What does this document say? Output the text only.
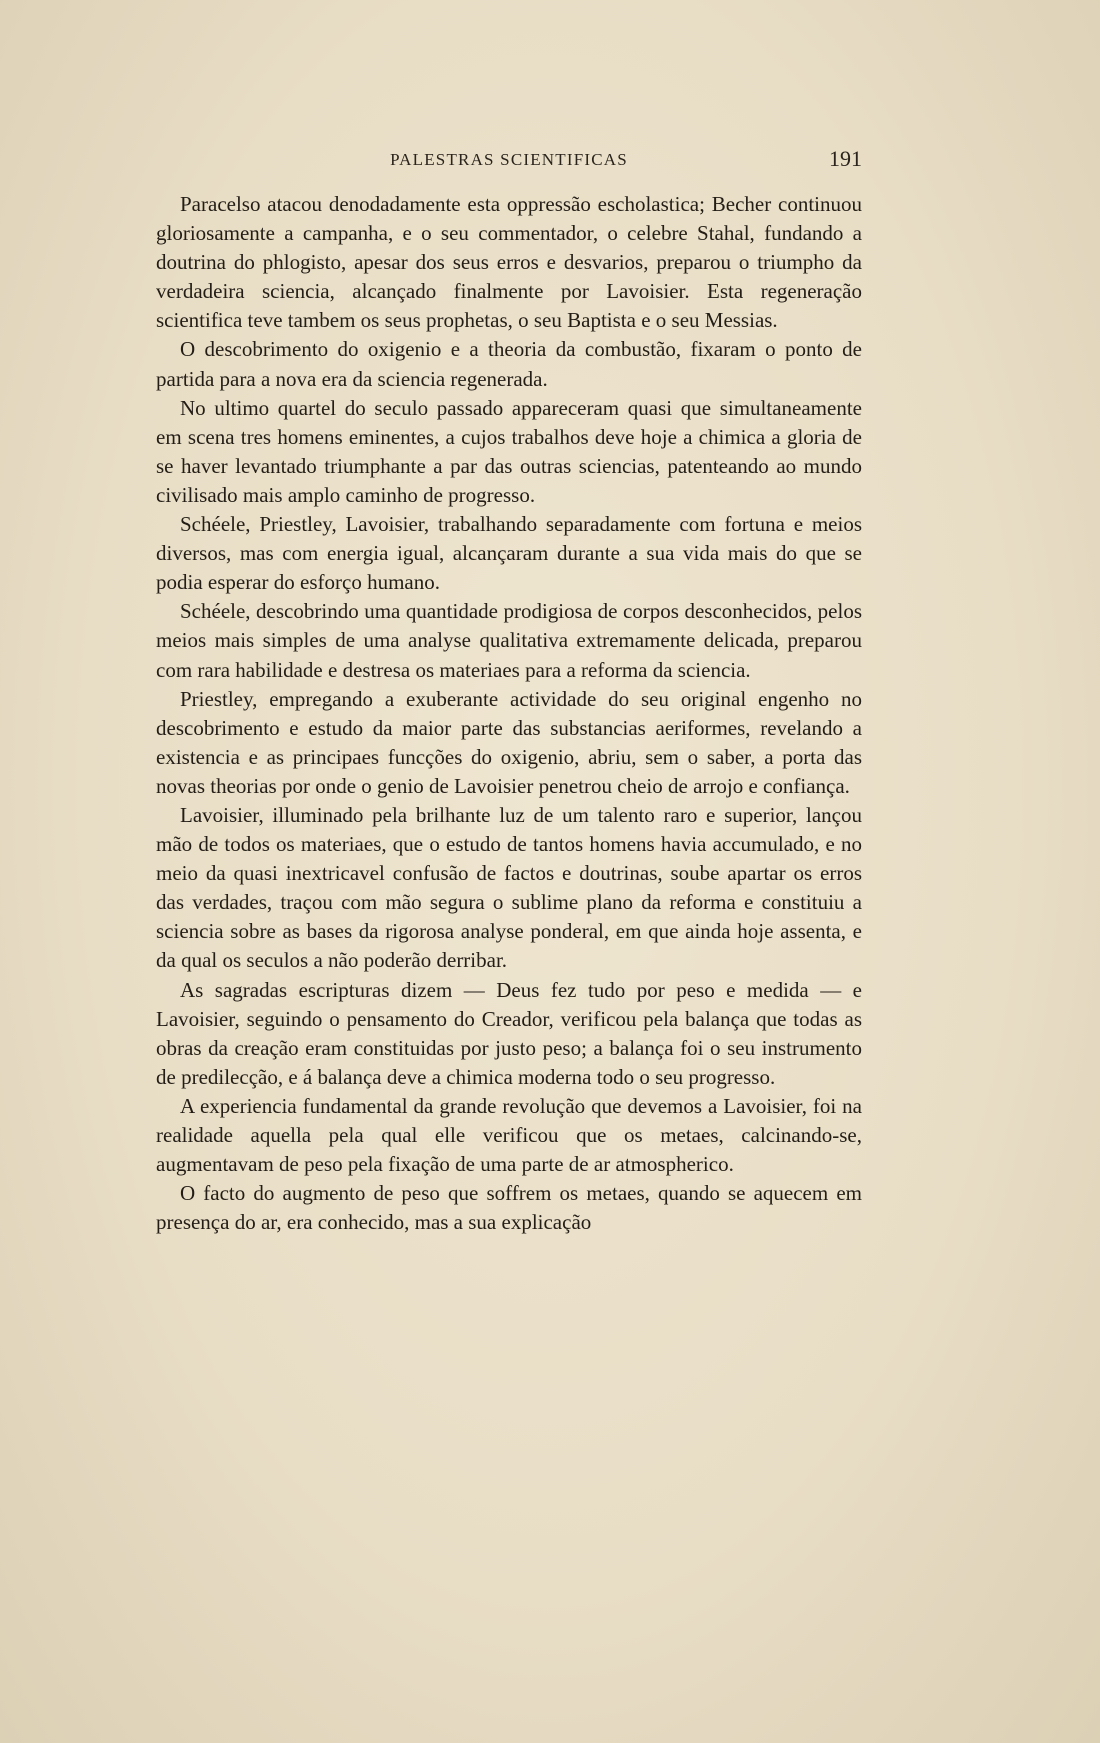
PALESTRAS SCIENTIFICAS	191

Paracelso atacou denodadamente esta oppressão escholastica; Becher continuou gloriosamente a campanha, e o seu commentador, o celebre Stahal, fundando a doutrina do phlogisto, apesar dos seus erros e desvarios, preparou o triumpho da verdadeira sciencia, alcançado finalmente por Lavoisier. Esta regeneração scientifica teve tambem os seus prophetas, o seu Baptista e o seu Messias.

O descobrimento do oxigenio e a theoria da combustão, fixaram o ponto de partida para a nova era da sciencia regenerada.

No ultimo quartel do seculo passado appareceram quasi que simultaneamente em scena tres homens eminentes, a cujos trabalhos deve hoje a chimica a gloria de se haver levantado triumphante a par das outras sciencias, patenteando ao mundo civilisado mais amplo caminho de progresso.

Schéele, Priestley, Lavoisier, trabalhando separadamente com fortuna e meios diversos, mas com energia igual, alcançaram durante a sua vida mais do que se podia esperar do esforço humano.

Schéele, descobrindo uma quantidade prodigiosa de corpos desconhecidos, pelos meios mais simples de uma analyse qualitativa extremamente delicada, preparou com rara habilidade e destresa os materiaes para a reforma da sciencia.

Priestley, empregando a exuberante actividade do seu original engenho no descobrimento e estudo da maior parte das substancias aeriformes, revelando a existencia e as principaes funcções do oxigenio, abriu, sem o saber, a porta das novas theorias por onde o genio de Lavoisier penetrou cheio de arrojo e confiança.

Lavoisier, illuminado pela brilhante luz de um talento raro e superior, lançou mão de todos os materiaes, que o estudo de tantos homens havia accumulado, e no meio da quasi inextricavel confusão de factos e doutrinas, soube apartar os erros das verdades, traçou com mão segura o sublime plano da reforma e constituiu a sciencia sobre as bases da rigorosa analyse ponderal, em que ainda hoje assenta, e da qual os seculos a não poderão derribar.

As sagradas escripturas dizem — Deus fez tudo por peso e medida — e Lavoisier, seguindo o pensamento do Creador, verificou pela balança que todas as obras da creação eram constituidas por justo peso; a balança foi o seu instrumento de predilecção, e á balança deve a chimica moderna todo o seu progresso.

A experiencia fundamental da grande revolução que devemos a Lavoisier, foi na realidade aquella pela qual elle verificou que os metaes, calcinando-se, augmentavam de peso pela fixação de uma parte de ar atmospherico.

O facto do augmento de peso que soffrem os metaes, quando se aquecem em presença do ar, era conhecido, mas a sua explicação
